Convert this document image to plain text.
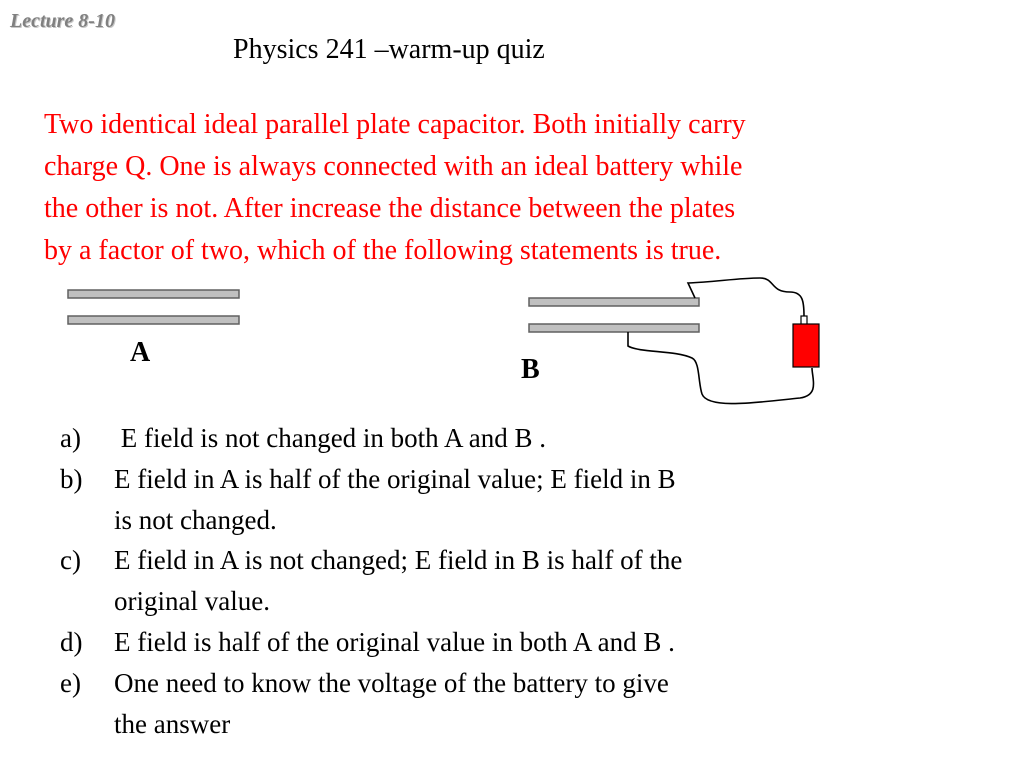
Lecture 8-10
Physics 241 –warm-up quiz
Two identical ideal parallel plate capacitor. Both initially carry
charge Q. One is always connected with an ideal battery while
the other is not. After increase the distance between the plates
by a factor of two, which of the following statements is true.
A
B
a) E field is not changed in both A and B .
b) E field in A is half of the original value; E field in B
is not changed.
c) E field in A is not changed; E field in B is half of the
original value.
d) E field is half of the original value in both A and B .
e) One need to know the voltage of the battery to give
the answer
